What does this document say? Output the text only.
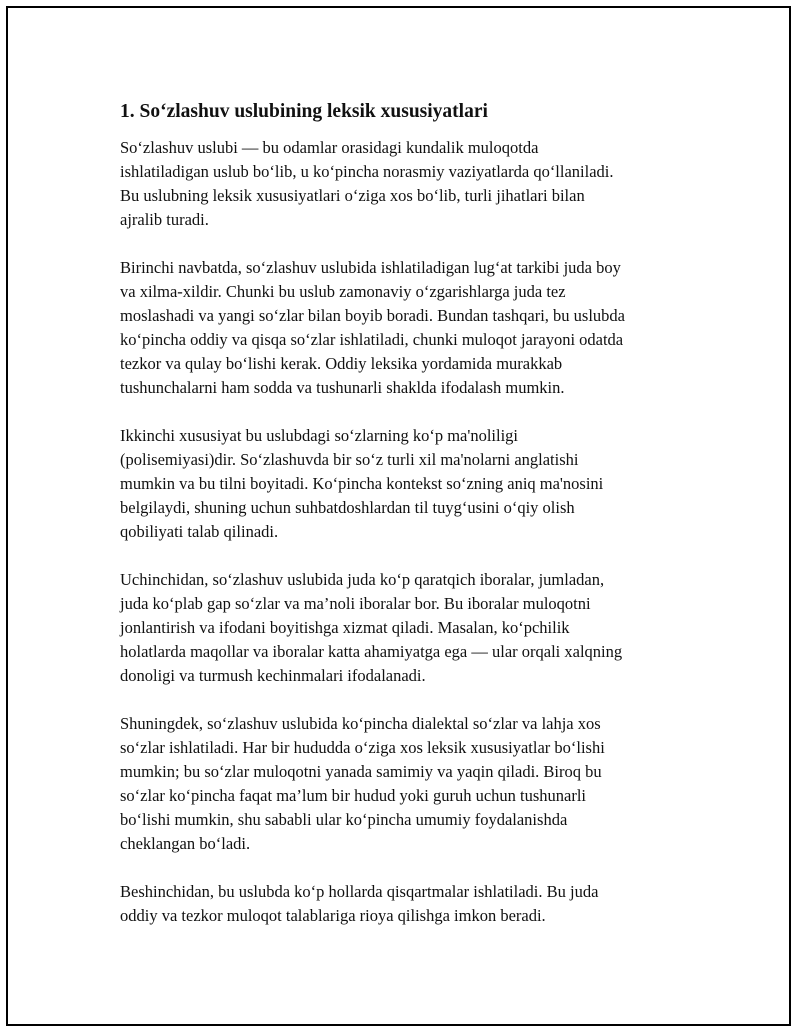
1. So‘zlashuv uslubining leksik xususiyatlari

So‘zlashuv uslubi — bu odamlar orasidagi kundalik muloqotda
ishlatiladigan uslub bo‘lib, u ko‘pincha norasmiy vaziyatlarda qo‘llaniladi.
Bu uslubning leksik xususiyatlari o‘ziga xos bo‘lib, turli jihatlari bilan
ajralib turadi.

Birinchi navbatda, so‘zlashuv uslubida ishlatiladigan lug‘at tarkibi juda boy
va xilma-xildir. Chunki bu uslub zamonaviy o‘zgarishlarga juda tez
moslashadi va yangi so‘zlar bilan boyib boradi. Bundan tashqari, bu uslubda
ko‘pincha oddiy va qisqa so‘zlar ishlatiladi, chunki muloqot jarayoni odatda
tezkor va qulay bo‘lishi kerak. Oddiy leksika yordamida murakkab
tushunchalarni ham sodda va tushunarli shaklda ifodalash mumkin.

Ikkinchi xususiyat bu uslubdagi so‘zlarning ko‘p ma'noliligi
(polisemiyasi)dir. So‘zlashuvda bir so‘z turli xil ma'nolarni anglatishi
mumkin va bu tilni boyitadi. Ko‘pincha kontekst so‘zning aniq ma'nosini
belgilaydi, shuning uchun suhbatdoshlardan til tuyg‘usini o‘qiy olish
qobiliyati talab qilinadi.

Uchinchidan, so‘zlashuv uslubida juda ko‘p qaratqich iboralar, jumladan,
juda ko‘plab gap so‘zlar va ma’noli iboralar bor. Bu iboralar muloqotni
jonlantirish va ifodani boyitishga xizmat qiladi. Masalan, ko‘pchilik
holatlarda maqollar va iboralar katta ahamiyatga ega — ular orqali xalqning
donoligi va turmush kechinmalari ifodalanadi.

Shuningdek, so‘zlashuv uslubida ko‘pincha dialektal so‘zlar va lahja xos
so‘zlar ishlatiladi. Har bir hududda o‘ziga xos leksik xususiyatlar bo‘lishi
mumkin; bu so‘zlar muloqotni yanada samimiy va yaqin qiladi. Biroq bu
so‘zlar ko‘pincha faqat ma’lum bir hudud yoki guruh uchun tushunarli
bo‘lishi mumkin, shu sababli ular ko‘pincha umumiy foydalanishda
cheklangan bo‘ladi.

Beshinchidan, bu uslubda ko‘p hollarda qisqartmalar ishlatiladi. Bu juda
oddiy va tezkor muloqot talablariga rioya qilishga imkon beradi.
